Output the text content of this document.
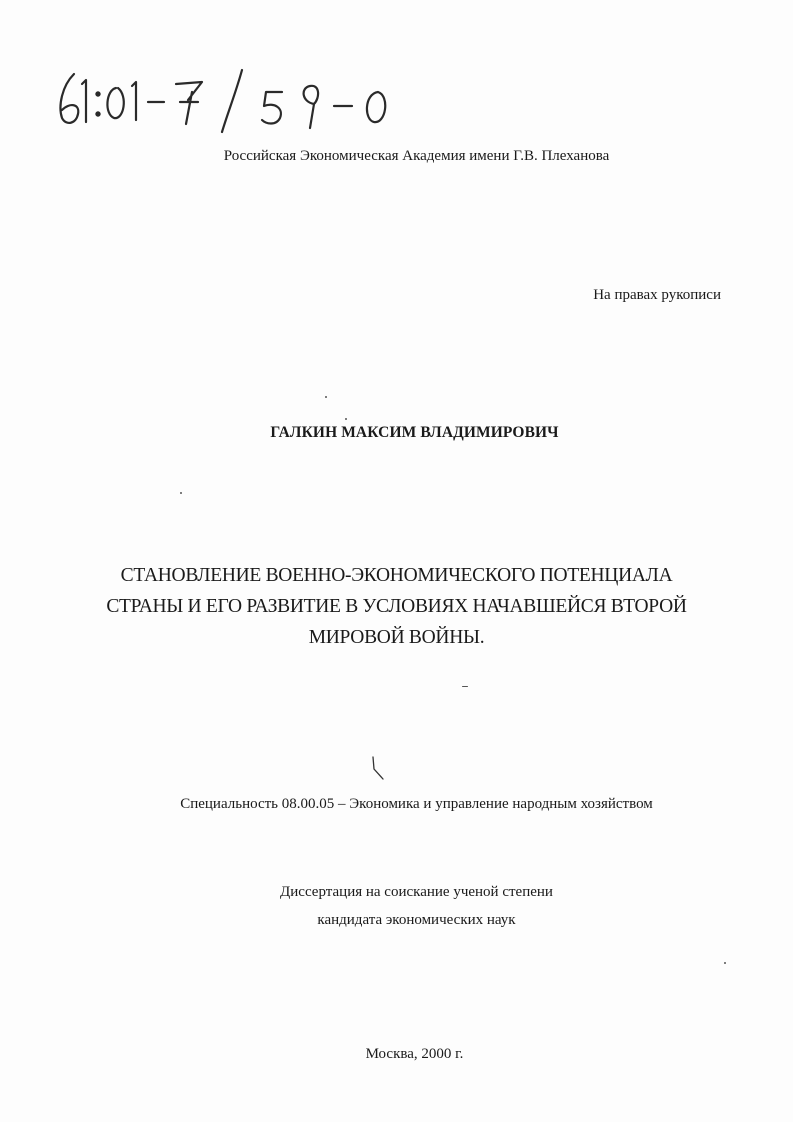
Российская Экономическая Академия имени Г.В. Плеханова
На правах рукописи
ГАЛКИН МАКСИМ ВЛАДИМИРОВИЧ
СТАНОВЛЕНИЕ ВОЕННО-ЭКОНОМИЧЕСКОГО ПОТЕНЦИАЛА
СТРАНЫ И ЕГО РАЗВИТИЕ В УСЛОВИЯХ НАЧАВШЕЙСЯ ВТОРОЙ
МИРОВОЙ ВОЙНЫ.
Специальность 08.00.05 – Экономика и управление народным хозяйством
Диссертация на соискание ученой степени
кандидата экономических наук
Москва, 2000 г.
